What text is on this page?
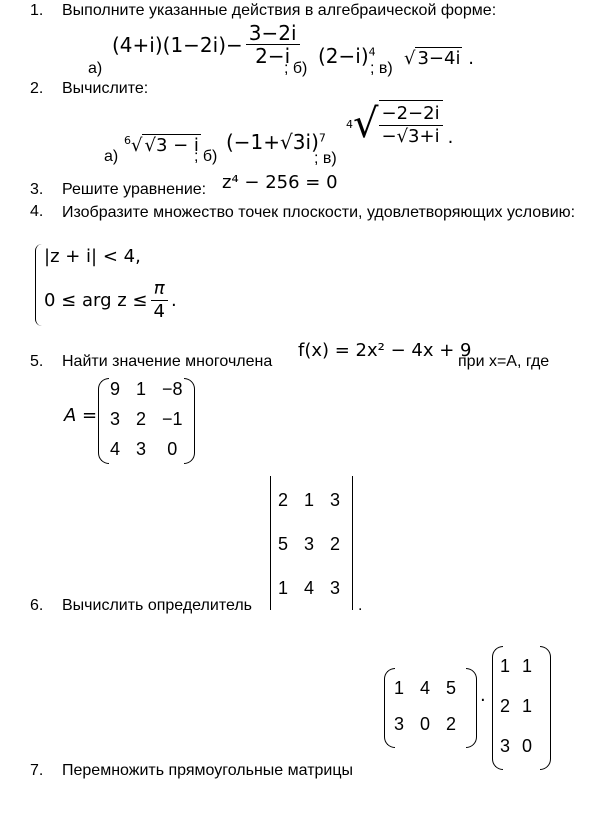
1. Выполните указанные действия в алгебраической форме:
а)
$(4+i)(1-2i)- \frac{3-2i}{2-i}$
; б)
$(2-i)^4$
; в) √ 3−4i .
2. Вычислите:
а)
$^6$√ √3 − i
; б)
$(-1+√3i)^7$
; в)
4 √ $\frac{-2-2i}{-√3+i}$ .
3. Решите уравнение: z⁴ − 256 = 0
4. Изобразите множество точек плоскости, удовлетворяющих условию:
|z + i| < 4,
0 ≤ arg $z \le \frac{\pi}{4}$ .
5. Найти значение многочлена
f(x) = 2x² − 4x + 9
при x=A, где
A =
9	1	−8
3	2	−1
4	3	0
2	1	3
5	3	2
1	4	3
6. Вычислить определитель	.
1	4	5
3	0	2
·
1	1
2	1
3	0
7. Перемножить прямоугольные матрицы
